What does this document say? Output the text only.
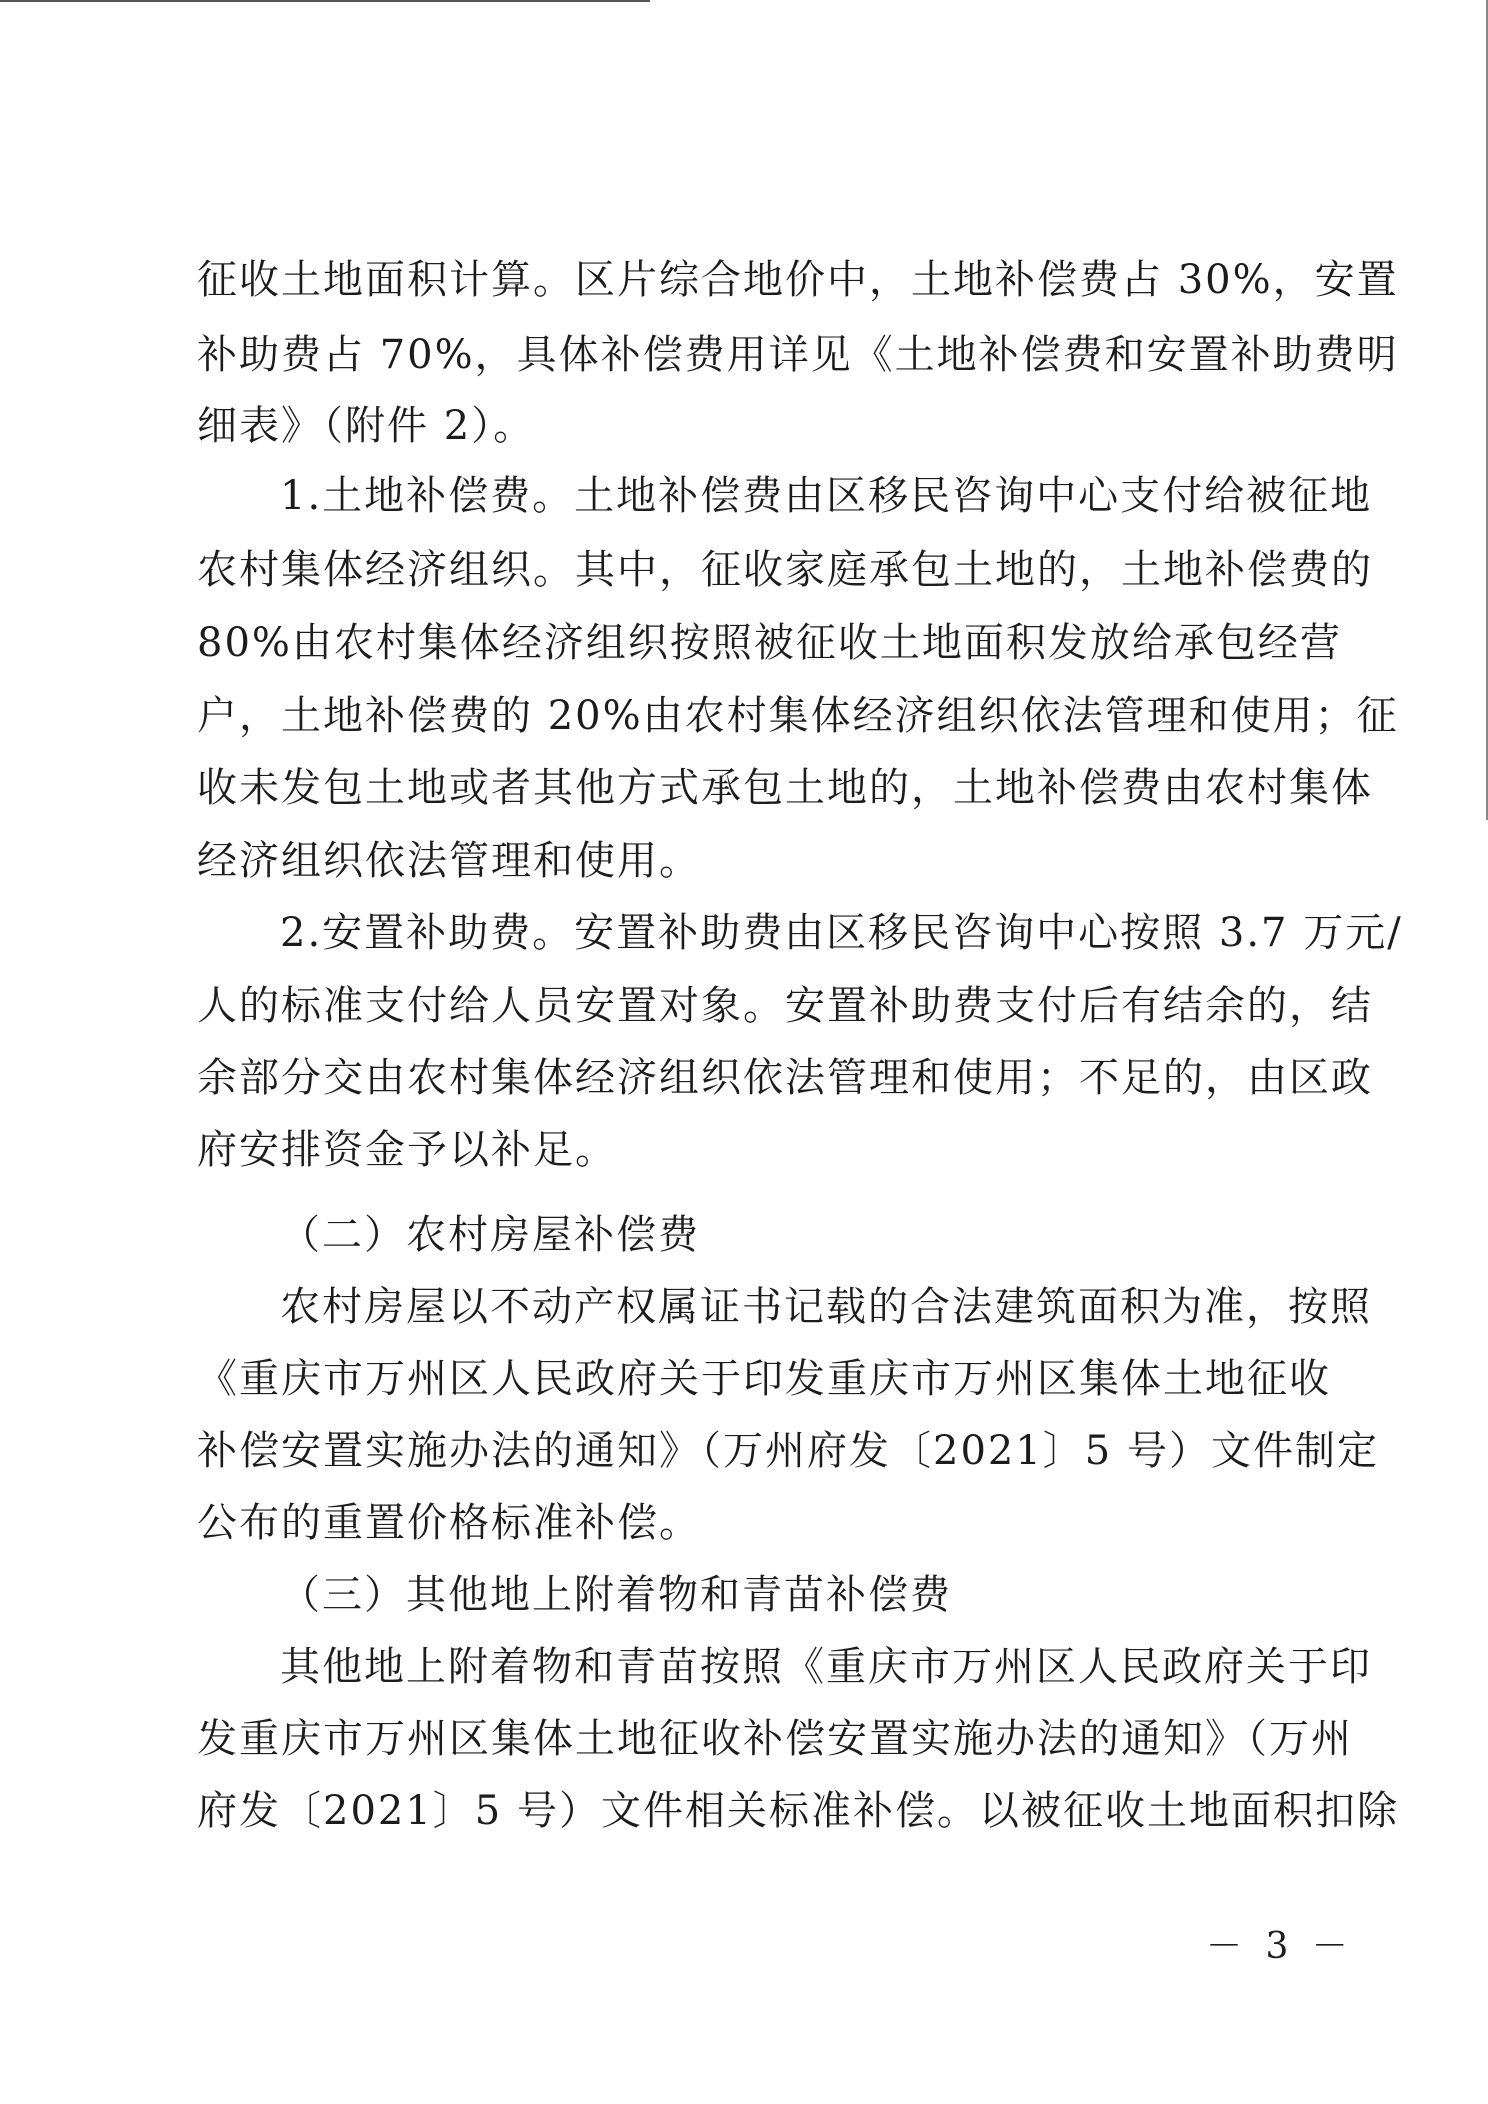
征收土地面积计算。区片综合地价中，土地补偿费占 30%，安置
补助费占 70%，具体补偿费用详见《土地补偿费和安置补助费明
细表》（附件 2）。
1.土地补偿费。土地补偿费由区移民咨询中心支付给被征地
农村集体经济组织。其中，征收家庭承包土地的，土地补偿费的
80%由农村集体经济组织按照被征收土地面积发放给承包经营
户，土地补偿费的 20%由农村集体经济组织依法管理和使用；征
收未发包土地或者其他方式承包土地的，土地补偿费由农村集体
经济组织依法管理和使用。
2.安置补助费。安置补助费由区移民咨询中心按照 3.7 万元/
人的标准支付给人员安置对象。安置补助费支付后有结余的，结
余部分交由农村集体经济组织依法管理和使用；不足的，由区政
府安排资金予以补足。
（二）农村房屋补偿费
农村房屋以不动产权属证书记载的合法建筑面积为准，按照
《重庆市万州区人民政府关于印发重庆市万州区集体土地征收
补偿安置实施办法的通知》（万州府发〔2021〕5 号）文件制定
公布的重置价格标准补偿。
（三）其他地上附着物和青苗补偿费
其他地上附着物和青苗按照《重庆市万州区人民政府关于印
发重庆市万州区集体土地征收补偿安置实施办法的通知》（万州
府发〔2021〕5 号）文件相关标准补偿。以被征收土地面积扣除
－ 3 －
